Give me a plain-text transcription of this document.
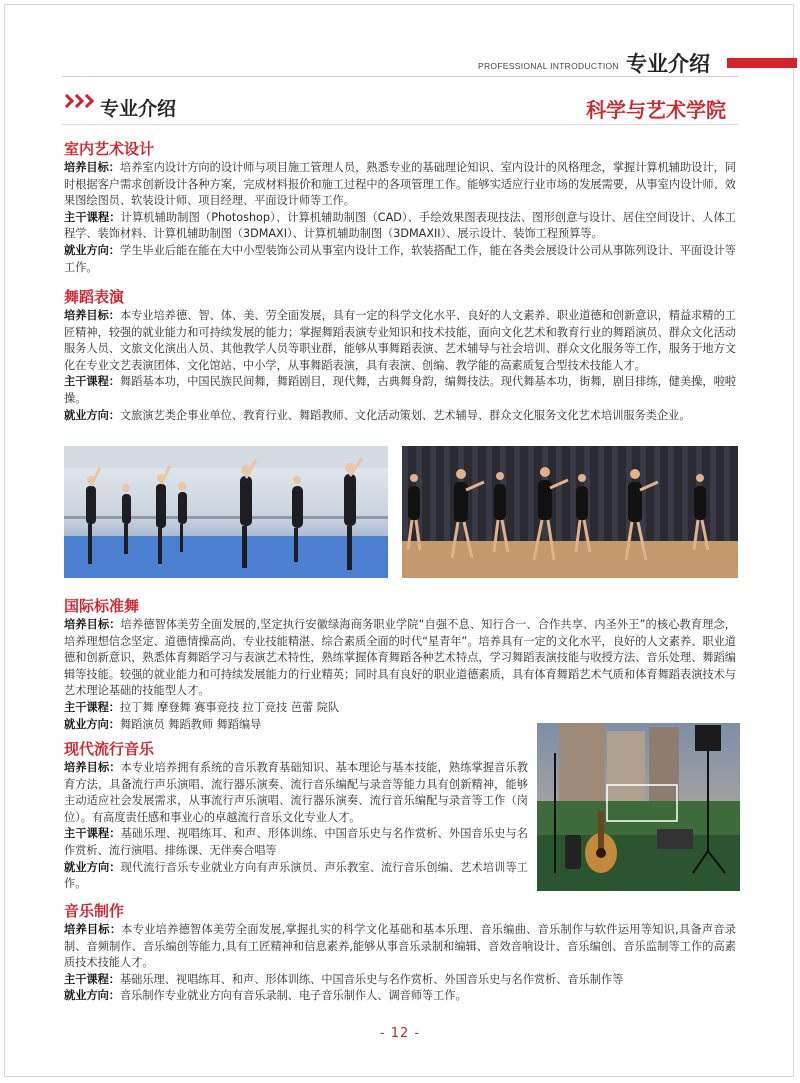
PROFESSIONAL INTRODUCTION 专业介绍
专业介绍	科学与艺术学院
室内艺术设计

培养目标：培养室内设计方向的设计师与项目施工管理人员，熟悉专业的基础理论知识、室内设计的风格理念，掌握计算机辅助设计，同时根据客户需求创新设计各种方案，完成材料报价和施工过程中的各项管理工作。能够实适应行业市场的发展需要，从事室内设计师、效果图绘图员、软装设计师、项目经理、平面设计师等工作。

主干课程：计算机辅助制图（Photoshop）、计算机辅助制图（CAD）、手绘效果图表现技法、图形创意与设计、居住空间设计、人体工程学、装饰材料、计算机辅助制图（3DMAXI）、计算机辅助制图（3DMAXII）、展示设计、装饰工程预算等。

就业方向：学生毕业后能在能在大中小型装饰公司从事室内设计工作，软装搭配工作，能在各类会展设计公司从事陈列设计、平面设计等工作。

舞蹈表演

培养目标：本专业培养德、智、体、美、劳全面发展，具有一定的科学文化水平、良好的人文素养、职业道德和创新意识，精益求精的工匠精神，较强的就业能力和可持续发展的能力；掌握舞蹈表演专业知识和技术技能，面向文化艺术和教育行业的舞蹈演员、群众文化活动服务人员、文旅文化演出人员、其他教学人员等职业群，能够从事舞蹈表演、艺术辅导与社会培训、群众文化服务等工作，服务于地方文化在专业文艺表演团体、文化馆站、中小学，从事舞蹈表演，具有表演、创编、教学能的高素质复合型技术技能人才。

主干课程：舞蹈基本功，中国民族民间舞，舞蹈剧目，现代舞，古典舞身韵，编舞技法。现代舞基本功，街舞，剧目排练，健美操，啦啦操。

就业方向：文旅演艺类企事业单位、教育行业、舞蹈教师、文化活动策划、艺术辅导、群众文化服务文化艺术培训服务类企业。

国际标准舞

培养目标：培养德智体美劳全面发展的,坚定执行安徽绿海商务职业学院“自强不息、知行合一、合作共享、内圣外王”的核心教育理念，培养理想信念坚定、道德情操高尚、专业技能精湛、综合素质全面的时代“星青年”。培养具有一定的文化水平，良好的人文素养、职业道德和创新意识，熟悉体育舞蹈学习与表演艺术特性，熟练掌握体育舞蹈各种艺术特点，学习舞蹈表演技能与收授方法、音乐处理、舞蹈编辑等技能。较强的就业能力和可持续发展能力的行业精英；同时具有良好的职业道德素质，具有体育舞蹈艺术气质和体育舞蹈表演技术与艺术理论基础的技能型人才。

主干课程：拉丁舞 摩登舞 赛事竞技 拉丁竞技 芭蕾 院队

就业方向：舞蹈演员 舞蹈教师 舞蹈编导

现代流行音乐

培养目标：本专业培养拥有系统的音乐教育基础知识、基本理论与基本技能，熟练掌握音乐教育方法，具备流行声乐演唱、流行器乐演奏、流行音乐编配与录音等能力具有创新精神，能够主动适应社会发展需求，从事流行声乐演唱、流行器乐演奏、流行音乐编配与录音等工作（岗位）。有高度责任感和事业心的卓越流行音乐文化专业人才。

主干课程：基础乐理、视唱练耳、和声、形体训练、中国音乐史与名作赏析、外国音乐史与名作赏析、流行演唱、排练课、无伴奏合唱等

就业方向：现代流行音乐专业就业方向有声乐演员、声乐教室、流行音乐创编、艺术培训等工作。

音乐制作

培养目标：本专业培养德智体美劳全面发展,掌握扎实的科学文化基础和基本乐理、音乐编曲、音乐制作与软件运用等知识,具备声音录制、音频制作、音乐编创等能力,具有工匠精神和信息素养,能够从事音乐录制和编辑、音效音响设计、音乐编创、音乐监制等工作的高素质技术技能人才。

主干课程：基础乐理、视唱练耳、和声、形体训练、中国音乐史与名作赏析、外国音乐史与名作赏析、音乐制作等

就业方向：音乐制作专业就业方向有音乐录制、电子音乐制作人、调音师等工作。

- 12 -
